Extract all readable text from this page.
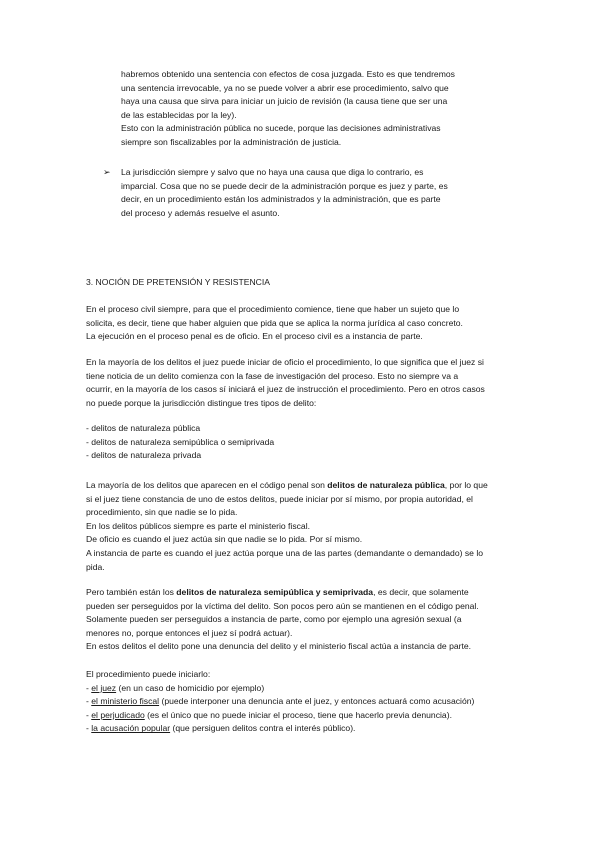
habremos obtenido una sentencia con efectos de cosa juzgada. Esto es que tendremos

una sentencia irrevocable, ya no se puede volver a abrir ese procedimiento, salvo que

haya una causa que sirva para iniciar un juicio de revisión (la causa tiene que ser una

de las establecidas por la ley).

Esto con la administración pública no sucede, porque las decisiones administrativas

siempre son fiscalizables por la administración de justicia.

➢ La jurisdicción siempre y salvo que no haya una causa que diga lo contrario, es

imparcial. Cosa que no se puede decir de la administración porque es juez y parte, es

decir, en un procedimiento están los administrados y la administración, que es parte

del proceso y además resuelve el asunto.

3. NOCIÓN DE PRETENSIÓN Y RESISTENCIA

En el proceso civil siempre, para que el procedimiento comience, tiene que haber un sujeto que lo

solicita, es decir, tiene que haber alguien que pida que se aplica la norma jurídica al caso concreto.

La ejecución en el proceso penal es de oficio. En el proceso civil es a instancia de parte.

En la mayoría de los delitos el juez puede iniciar de oficio el procedimiento, lo que significa que el juez si

tiene noticia de un delito comienza con la fase de investigación del proceso. Esto no siempre va a

ocurrir, en la mayoría de los casos sí iniciará el juez de instrucción el procedimiento. Pero en otros casos

no puede porque la jurisdicción distingue tres tipos de delito:

- delitos de naturaleza pública

- delitos de naturaleza semipública o semiprivada

- delitos de naturaleza privada

La mayoría de los delitos que aparecen en el código penal son delitos de naturaleza pública, por lo que

si el juez tiene constancia de uno de estos delitos, puede iniciar por sí mismo, por propia autoridad, el

procedimiento, sin que nadie se lo pida.

En los delitos públicos siempre es parte el ministerio fiscal.

De oficio es cuando el juez actúa sin que nadie se lo pida. Por sí mismo.

A instancia de parte es cuando el juez actúa porque una de las partes (demandante o demandado) se lo

pida.

Pero también están los delitos de naturaleza semipública y semiprivada, es decir, que solamente

pueden ser perseguidos por la víctima del delito. Son pocos pero aún se mantienen en el código penal.

Solamente pueden ser perseguidos a instancia de parte, como por ejemplo una agresión sexual (a

menores no, porque entonces el juez sí podrá actuar).

En estos delitos el delito pone una denuncia del delito y el ministerio fiscal actúa a instancia de parte.

El procedimiento puede iniciarlo:

- el juez (en un caso de homicidio por ejemplo)

- el ministerio fiscal (puede interponer una denuncia ante el juez, y entonces actuará como acusación)

- el perjudicado (es el único que no puede iniciar el proceso, tiene que hacerlo previa denuncia).

- la acusación popular (que persiguen delitos contra el interés público).
